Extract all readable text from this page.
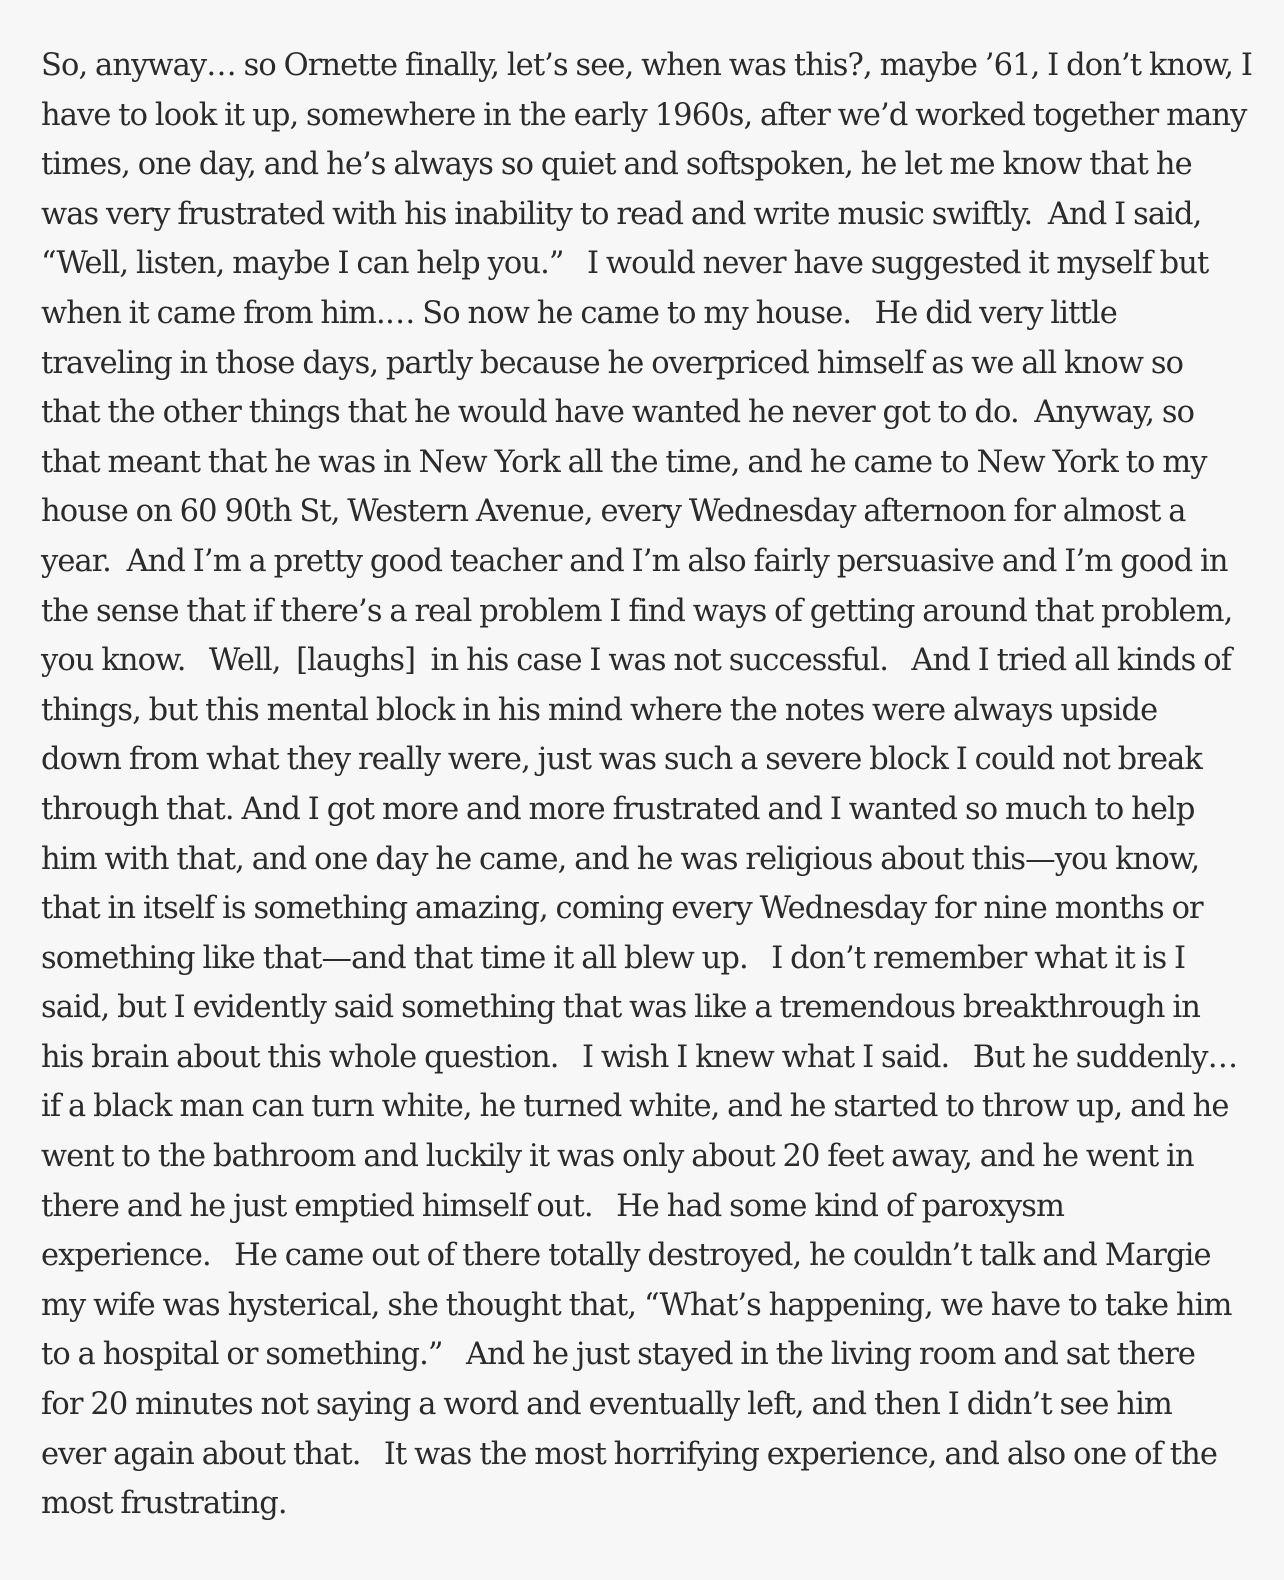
So, anyway… so Ornette finally, let’s see, when was this?, maybe ’61, I don’t know, I
have to look it up, somewhere in the early 1960s, after we’d worked together many
times, one day, and he’s always so quiet and softspoken, he let me know that he
was very frustrated with his inability to read and write music swiftly.  And I said,
“Well, listen, maybe I can help you.”   I would never have suggested it myself but
when it came from him.… So now he came to my house.   He did very little
traveling in those days, partly because he overpriced himself as we all know so
that the other things that he would have wanted he never got to do.  Anyway, so
that meant that he was in New York all the time, and he came to New York to my
house on 60 90th St, Western Avenue, every Wednesday afternoon for almost a
year.  And I’m a pretty good teacher and I’m also fairly persuasive and I’m good in
the sense that if there’s a real problem I find ways of getting around that problem,
you know.   Well,  [laughs]  in his case I was not successful.   And I tried all kinds of
things, but this mental block in his mind where the notes were always upside
down from what they really were, just was such a severe block I could not break
through that. And I got more and more frustrated and I wanted so much to help
him with that, and one day he came, and he was religious about this—you know,
that in itself is something amazing, coming every Wednesday for nine months or
something like that—and that time it all blew up.   I don’t remember what it is I
said, but I evidently said something that was like a tremendous breakthrough in
his brain about this whole question.   I wish I knew what I said.   But he suddenly…
if a black man can turn white, he turned white, and he started to throw up, and he
went to the bathroom and luckily it was only about 20 feet away, and he went in
there and he just emptied himself out.   He had some kind of paroxysm
experience.   He came out of there totally destroyed, he couldn’t talk and Margie
my wife was hysterical, she thought that, “What’s happening, we have to take him
to a hospital or something.”   And he just stayed in the living room and sat there
for 20 minutes not saying a word and eventually left, and then I didn’t see him
ever again about that.   It was the most horrifying experience, and also one of the
most frustrating.
